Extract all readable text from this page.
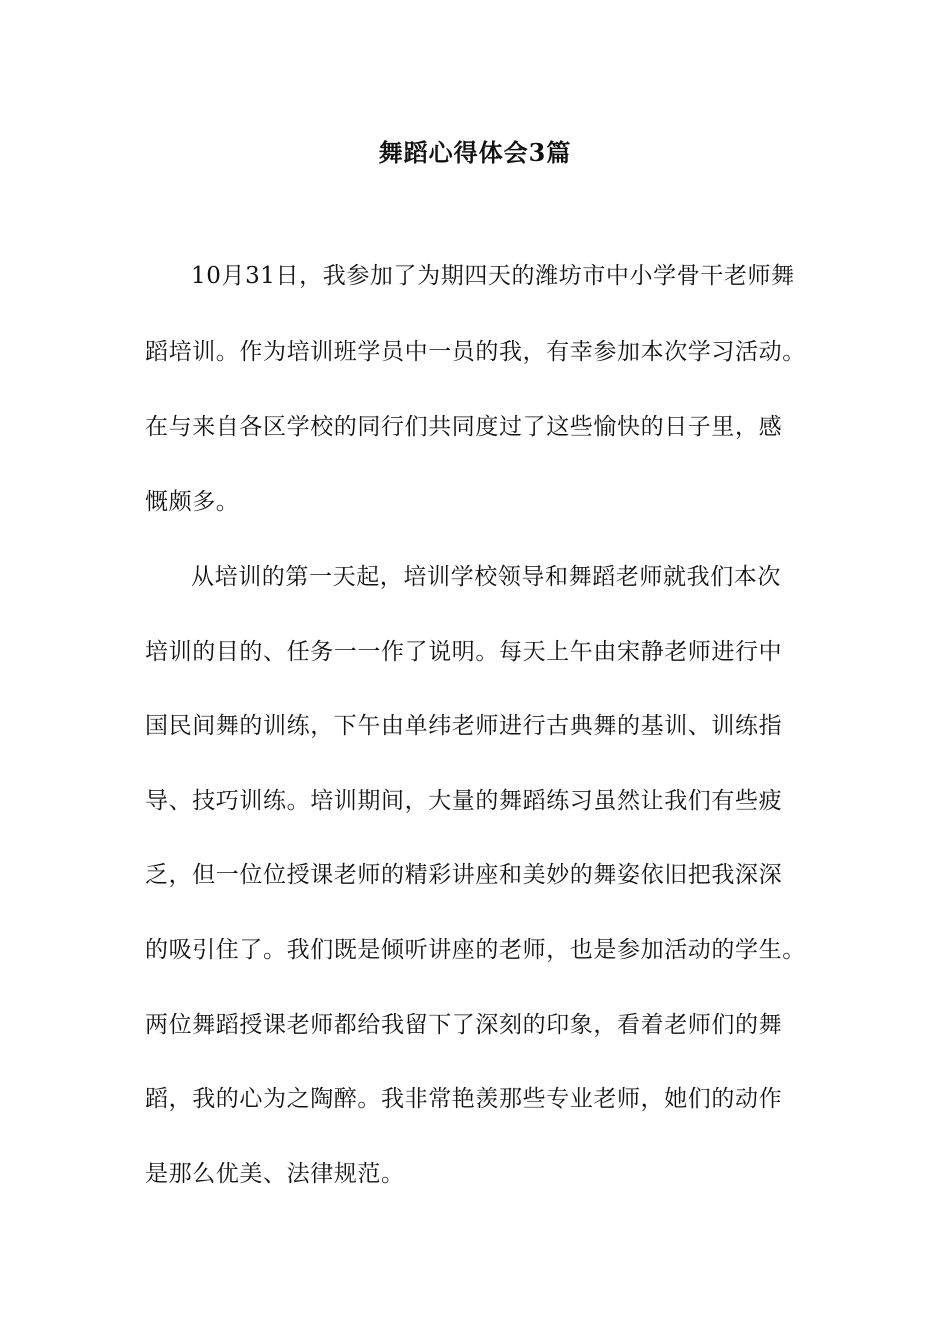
舞蹈心得体会3篇
10月31日，我参加了为期四天的潍坊市中小学骨干老师舞
蹈培训。作为培训班学员中一员的我，有幸参加本次学习活动。
在与来自各区学校的同行们共同度过了这些愉快的日子里，感
慨颇多。
从培训的第一天起，培训学校领导和舞蹈老师就我们本次
培训的目的、任务一一作了说明。每天上午由宋静老师进行中
国民间舞的训练，下午由单纬老师进行古典舞的基训、训练指
导、技巧训练。培训期间，大量的舞蹈练习虽然让我们有些疲
乏，但一位位授课老师的精彩讲座和美妙的舞姿依旧把我深深
的吸引住了。我们既是倾听讲座的老师，也是参加活动的学生。
两位舞蹈授课老师都给我留下了深刻的印象，看着老师们的舞
蹈，我的心为之陶醉。我非常艳羡那些专业老师，她们的动作
是那么优美、法律规范。
